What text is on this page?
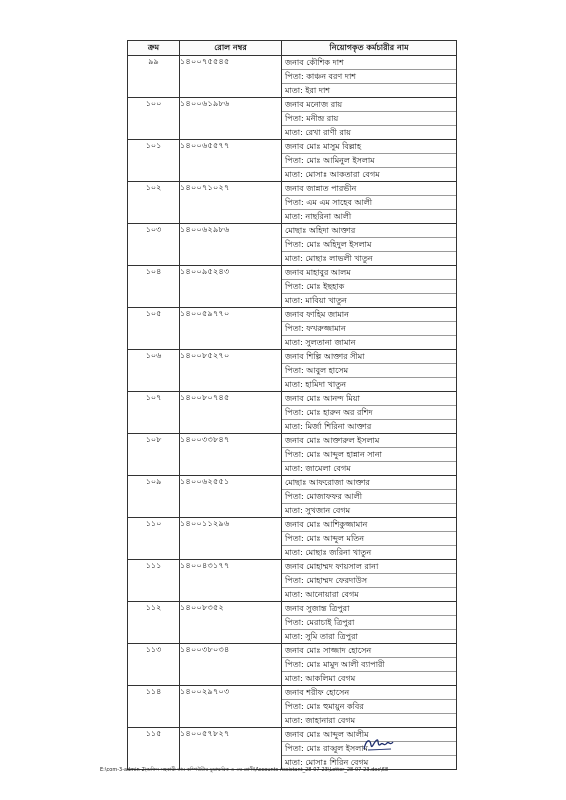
ক্রম	রোল নম্বর	নিয়োগকৃত কর্মচারীর নাম
৯৯	১৪০০৭৫৫৪৫	জনাব কৌশিক দাশ
পিতা: কাঞ্চন বরণ দাশ
মাতা: ইরা দাশ

১০০	১৪০০৬১৯৮৬	জনাব মনোজ রায়
পিতা: মনীন্দ্র রায়
মাতা: রেখা রাণী রায়

১০১	১৪০০৬৫৫৭৭	জনাব মোঃ মাসুম বিল্লাহ
পিতা: মোঃ আমিনুল ইসলাম
মাতা: মোসাঃ আকতারা বেগম

১০২	১৪০০৭১০২৭	জনাব জান্নাত পারভীন
পিতা: এম এম সাহেব আলী
মাতা: নাছরিনা আলী

১০৩	১৪০০৬২৯৮৬	মোছাঃ অহিদা আক্তার
পিতা: মোঃ অহিদুল ইসলাম
মাতা: মোছাঃ লাভলী খাতুন

১০৪	১৪০০৯৫২৪৩	জনাব মাহাবুর আলম
পিতা: মোঃ ইছহাক
মাতা: মাবিয়া খাতুন

১০৫	১৪০০৫৯৭৭০	জনাব ফাহিম জামান
পিতা: ফখরুজ্জামান
মাতা: সুলতানা জামান

১০৬	১৪০০৮৫২৭০	জনাব শিল্পি আক্তার সীমা
পিতা: আবুল হাসেম
মাতা: হামিদা খাতুন

১০৭	১৪০০৮০৭৪৫	জনাব মোঃ আনন্দ মিয়া
পিতা: মোঃ হারুন অর রশিদ
মাতা: মির্জা শিরিনা আক্তার

১০৮	১৪০০৩৩৮৪৭	জনাব মোঃ আক্তারুল ইসলাম
পিতা: মোঃ আব্দুল হান্নান সানা
মাতা: জামেলা বেগম

১০৯	১৪০০৬২৫৫১	মোছাঃ আফরোজা আক্তার
পিতা: মোজাফফর আলী
মাতা: সুখজান বেগম

১১০	১৪০০১১২৯৬	জনাব মোঃ আশিকুজ্জামান
পিতা: মোঃ আব্দুল মতিন
মাতা: মোছাঃ জরিনা খাতুন

১১১	১৪০০৪৩১৭৭	জনাব মোহাম্মদ ফায়সাল রানা
পিতা: মোহাম্মদ ফেরদাউস
মাতা: আনোয়ারা বেগম

১১২	১৪০০৮৩৫২	জনাব সুজান্ত ত্রিপুরা
পিতা: মেরাচাই ত্রিপুরা
মাতা: সুমি তারা ত্রিপুরা

১১৩	১৪০০৩৮০৩৪	জনাব মোঃ সাজ্জাদ হোসেন
পিতা: মোঃ মামুদ আলী ব্যাপারী
মাতা: আকলিমা বেগম

১১৪	১৪০০২৯৭০৩	জনাব শরীফ হোসেন
পিতা: মোঃ হুমায়ুন কবির
মাতা: জাহানারা বেগম

১১৫	১৪০০৫৭৮২৭	জনাব মোঃ আব্দুল আলীম
পিতা: মোঃ রাব্বুল ইসলাম
মাতা: মোসাঃ শিরিন বেগম
E:\com-3-admin-2\অফিস সহকারী কাম কম্পিউটার মুদ্রাক্ষরিক ও ৩য় শ্রেণী\Accounts Assistant_28-07-23\Letter_28-07-23.doc\68
